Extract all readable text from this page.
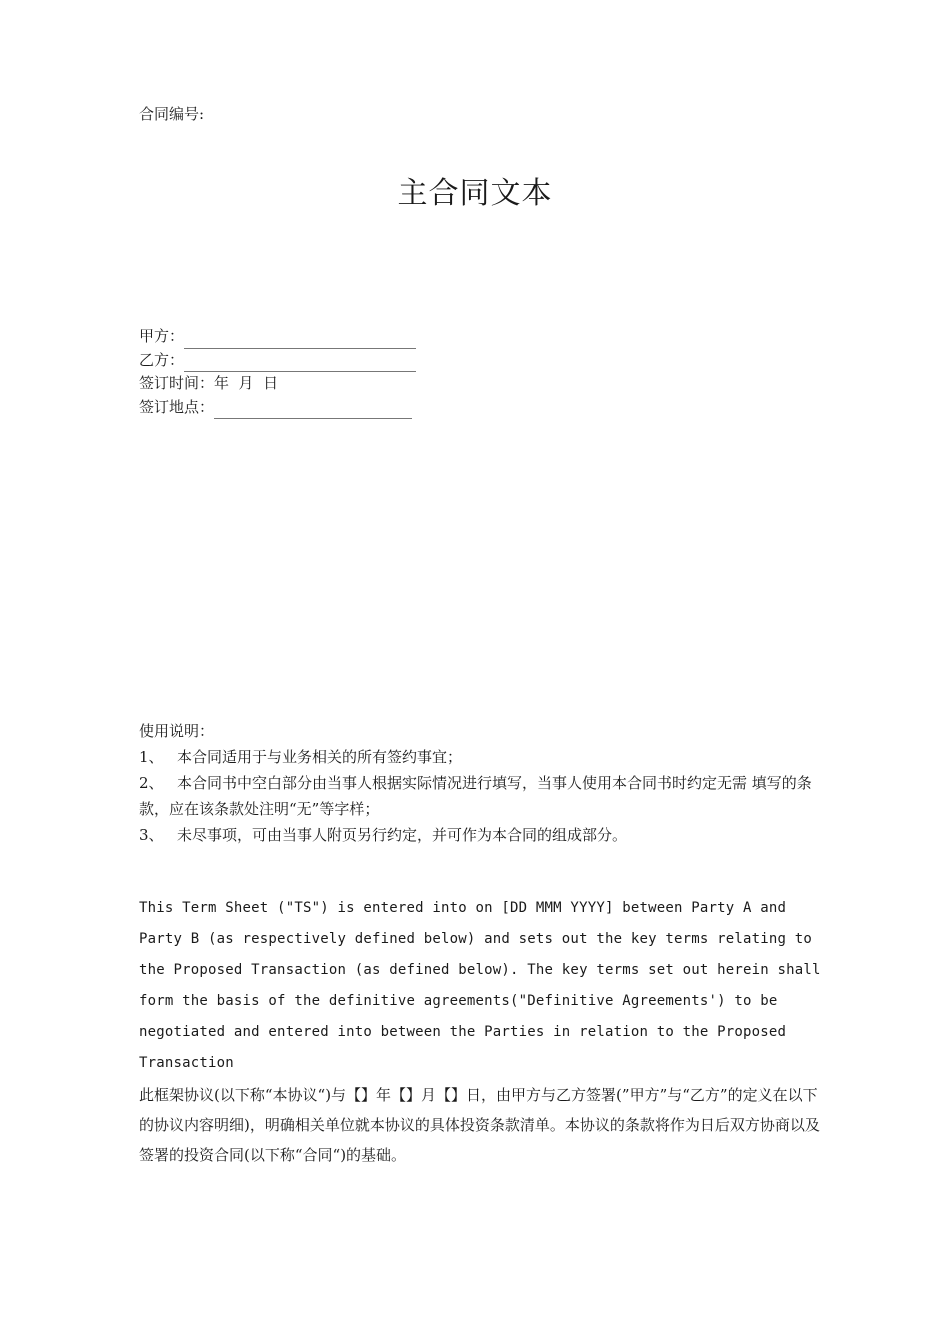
合同编号:
主合同文本
甲方：
乙方：
签订时间： 年  月  日
签订地点：
使用说明：
1、 本合同适用于与业务相关的所有签约事宜；
2、 本合同书中空白部分由当事人根据实际情况进行填写，当事人使用本合同书时约定无需 填写的条款，应在该条款处注明“无”等字样；
3、 未尽事项，可由当事人附页另行约定，并可作为本合同的组成部分。
This Term Sheet ("TS") is entered into on [DD MMM YYYY] between Party A and Party B (as respectively defined below) and sets out the key terms relating to the Proposed Transaction (as defined below). The key terms set out herein shall form the basis of the definitive agreements("Definitive Agreements') to be negotiated and entered into between the Parties in relation to the Proposed Transaction
此框架协议(以下称“本协议“)与【】年【】月【】日，由甲方与乙方签署(”甲方”与“乙方”的定义在以下的协议内容明细)，明确相关单位就本协议的具体投资条款清单。本协议的条款将作为日后双方协商以及签署的投资合同(以下称“合同“)的基础。
